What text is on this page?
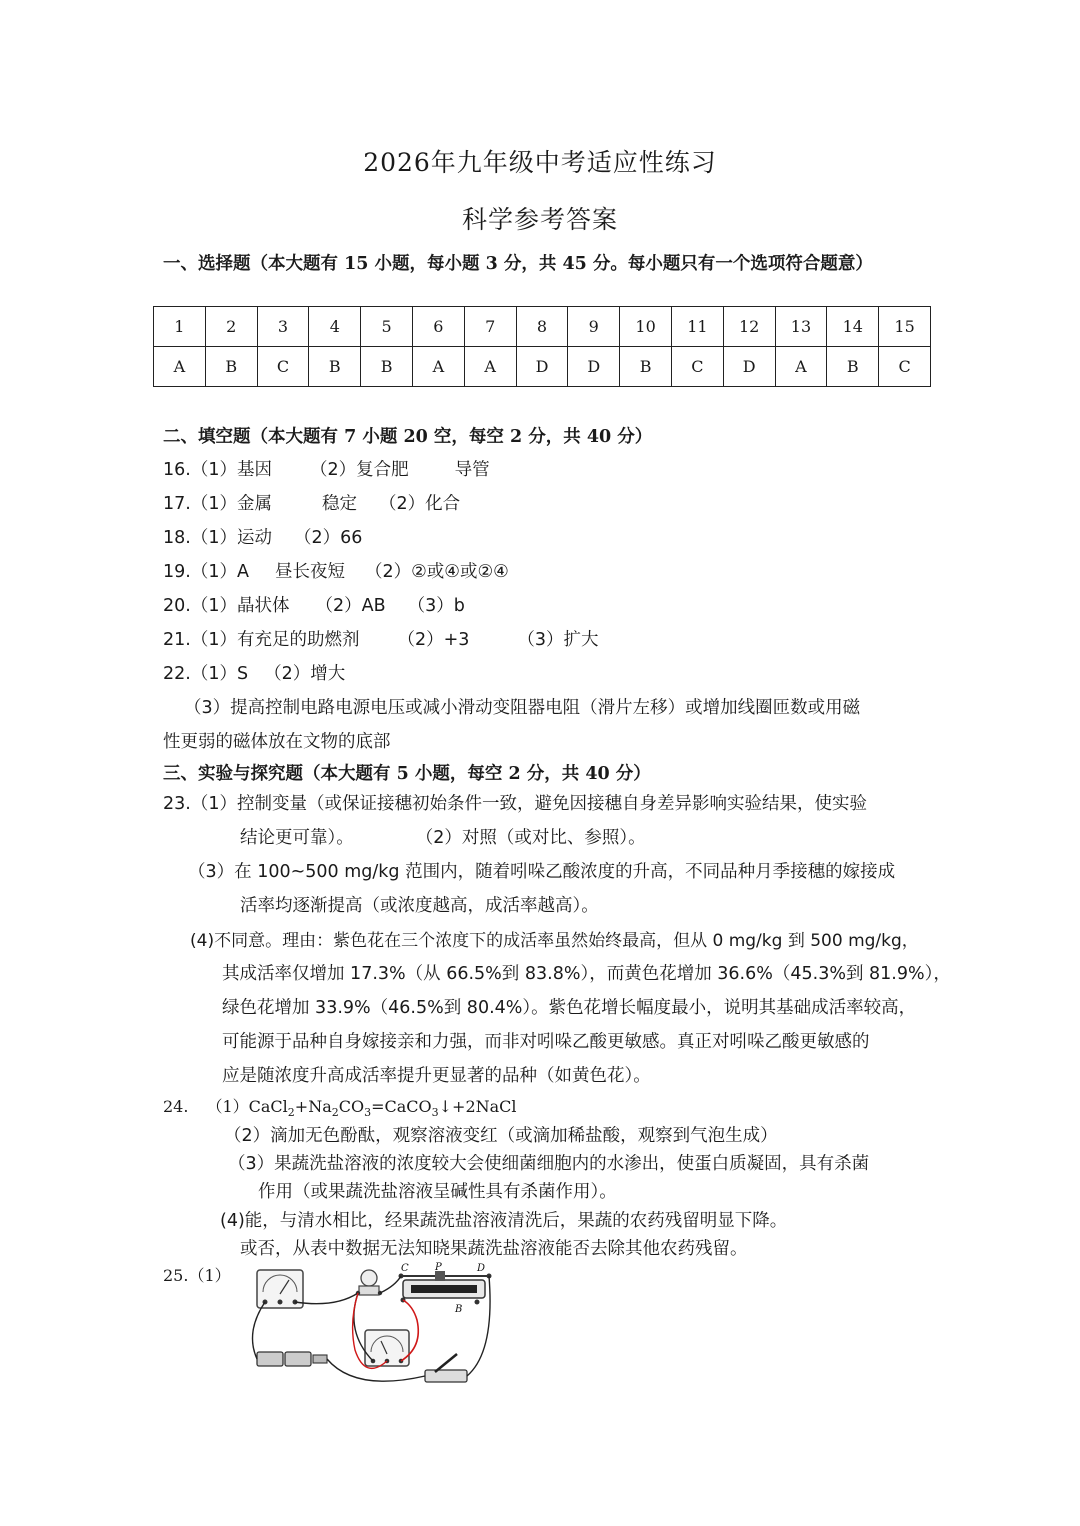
2026年九年级中考适应性练习
科学参考答案
一、选择题（本大题有 15 小题，每小题 3 分，共 45 分。每小题只有一个选项符合题意）
1	2	3	4	5	6	7	8	9	10	11	12	13	14	15
A	B	C	B	B	A	A	D	D	B	C	D	A	B	C
二、填空题（本大题有 7 小题 20 空，每空 2 分，共 40 分）
16.（1）基因 （2）复合肥	导管
17.（1）金属	稳定 （2）化合
18.（1）运动 （2）66
19.（1）A 昼长夜短 （2）②或④或②④
20.（1）晶状体 （2）AB （3）b
21.（1）有充足的助燃剂 （2）+3	（3）扩大
22.（1）S （2）增大
（3）提高控制电路电源电压或减小滑动变阻器电阻（滑片左移）或增加线圈匝数或用磁
性更弱的磁体放在文物的底部
三、实验与探究题（本大题有 5 小题，每空 2 分，共 40 分）
23.（1）控制变量（或保证接穗初始条件一致，避免因接穗自身差异影响实验结果，使实验
结论更可靠）。	（2）对照（或对比、参照）。
（3）在 100~500 mg/kg 范围内，随着吲哚乙酸浓度的升高，不同品种月季接穗的嫁接成
活率均逐渐提高（或浓度越高，成活率越高）。
(4)不同意。理由：紫色花在三个浓度下的成活率虽然始终最高，但从 0 mg/kg 到 500 mg/kg，
其成活率仅增加 17.3%（从 66.5%到 83.8%），而黄色花增加 36.6%（45.3%到 81.9%），
绿色花增加 33.9%（46.5%到 80.4%）。紫色花增长幅度最小，说明其基础成活率较高，
可能源于品种自身嫁接亲和力强，而非对吲哚乙酸更敏感。真正对吲哚乙酸更敏感的
应是随浓度升高成活率提升更显著的品种（如黄色花）。
24. $(1)CaCl_2+Na_2CO_3=CaCO_3↓+2NaCl$
（2）滴加无色酚酞，观察溶液变红（或滴加稀盐酸，观察到气泡生成）
（3）果蔬洗盐溶液的浓度较大会使细菌细胞内的水渗出，使蛋白质凝固，具有杀菌
作用（或果蔬洗盐溶液呈碱性具有杀菌作用）。
(4)能，与清水相比，经果蔬洗盐溶液清洗后，果蔬的农药残留明显下降。
或否，从表中数据无法知晓果蔬洗盐溶液能否去除其他农药残留。
25.（1）	C	P	D
B
